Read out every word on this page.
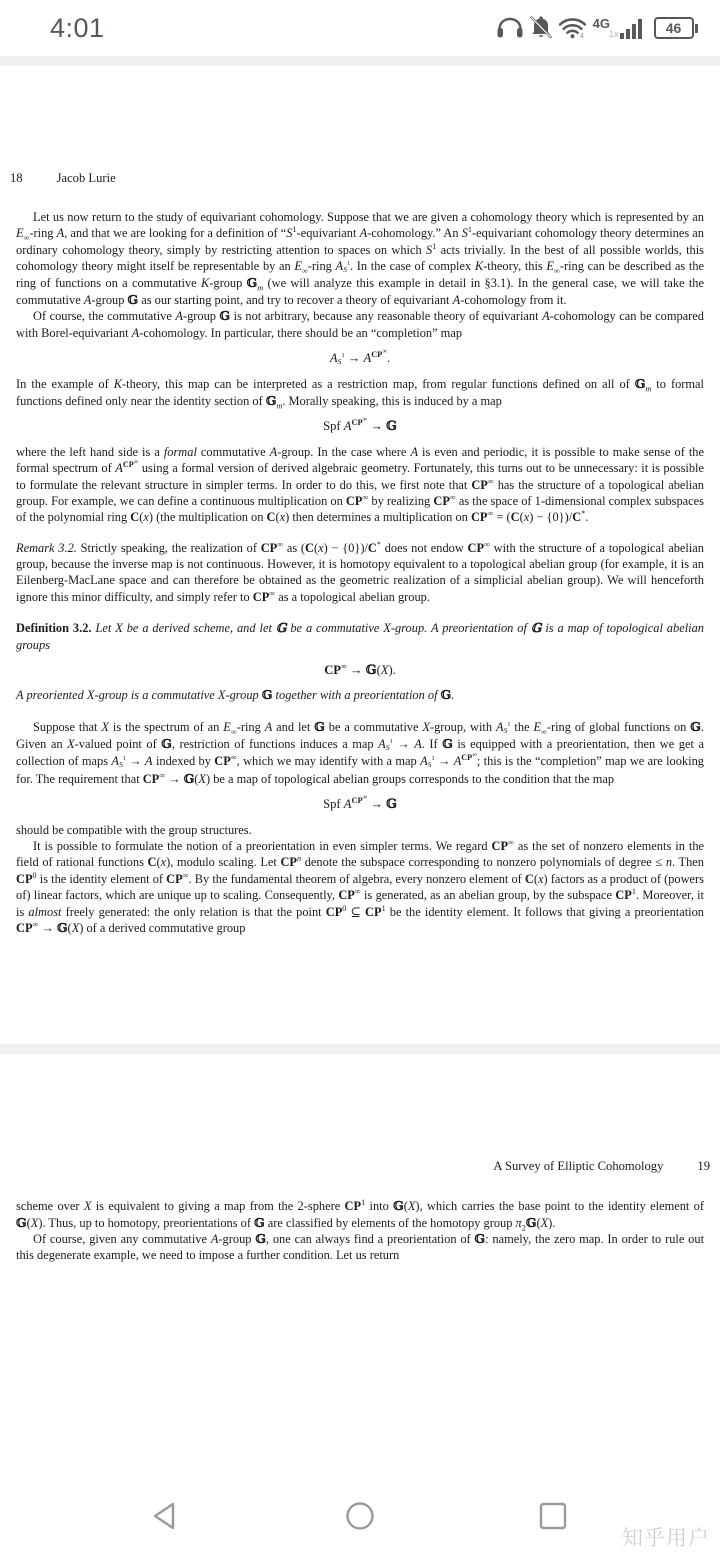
4:01	4
4G
1x	46
18	Jacob Lurie

Let us now return to the study of equivariant cohomology. Suppose that we are given a cohomology theory which is represented by an $E_\infty$-ring A, and that we are looking for a definition of “$S^1$-equivariant A-cohomology.” An $S^1$-equivariant cohomology theory determines an ordinary cohomology theory, simply by restricting attention to spaces on which $S^1$ acts trivially. In the best of all possible worlds, this cohomology theory might itself be representable by an $E_\infty$-ring $AS^1$. In the case of complex K-theory, this $E_\infty$-ring can be described as the ring of functions on a commutative K-group 𝔾$_m$ (we will analyze this example in detail in §3.1). In the general case, we will take the commutative A-group 𝔾 as our starting point, and try to recover a theory of equivariant A-cohomology from it.

Of course, the commutative A-group 𝔾 is not arbitrary, because any reasonable theory of equivariant A-cohomology can be compared with Borel-equivariant A-cohomology. In particular, there should be an “completion” map

$AS^1 \to A^{CP^\infty}$.

In the example of K-theory, this map can be interpreted as a restriction map, from regular functions defined on all of 𝔾$_m$ to formal functions defined only near the identity section of 𝔾$_m$. Morally speaking, this is induced by a map

Spf $A^{CP^\infty}$ → 𝔾

where the left hand side is a formal commutative A-group. In the case where A is even and periodic, it is possible to make sense of the formal spectrum of $A^{CP^\infty}$ using a formal version of derived algebraic geometry. Fortunately, this turns out to be unnecessary: it is possible to formulate the relevant structure in simpler terms. In order to do this, we first note that CP∞ has the structure of a topological abelian group. For example, we can define a continuous multiplication on CP∞ by realizing CP∞ as the space of 1-dimensional complex subspaces of the polynomial ring C(x) (the multiplication on C(x) then determines a multiplication on CP∞ = (C(x) − {0})/C*.

Remark 3.2. Strictly speaking, the realization of CP∞ as (C(x) − {0})/C* does not endow CP∞ with the structure of a topological abelian group, because the inverse map is not continuous. However, it is homotopy equivalent to a topological abelian group (for example, it is an Eilenberg-MacLane space and can therefore be obtained as the geometric realization of a simplicial abelian group). We will henceforth ignore this minor difficulty, and simply refer to CP∞ as a topological abelian group.

Definition 3.2. Let X be a derived scheme, and let 𝔾 be a commutative X-group. A preorientation of 𝔾 is a map of topological abelian groups

CP∞ → 𝔾(X).

A preoriented X-group is a commutative X-group 𝔾 together with a preorientation of 𝔾.

Suppose that X is the spectrum of an $E_\infty$-ring A and let 𝔾 be a commutative X-group, with $AS^1$ the $E_\infty$-ring of global functions on 𝔾. Given an X-valued point of 𝔾, restriction of functions induces a map $AS^1 \to A$. If 𝔾 is equipped with a preorientation, then we get a collection of maps $AS^1 \to A$ indexed by CP∞, which we may identify with a map $AS^1 \to A^{CP^\infty}$; this is the “completion” map we are looking for. The requirement that CP∞ → 𝔾(X) be a map of topological abelian groups corresponds to the condition that the map

Spf $A^{CP^\infty}$ → 𝔾

should be compatible with the group structures.

It is possible to formulate the notion of a preorientation in even simpler terms. We regard CP∞ as the set of nonzero elements in the field of rational functions C(x), modulo scaling. Let $CP^n$ denote the subspace corresponding to nonzero polynomials of degree ≤ n. Then $CP^0$ is the identity element of CP∞. By the fundamental theorem of algebra, every nonzero element of C(x) factors as a product of (powers of) linear factors, which are unique up to scaling. Consequently, CP∞ is generated, as an abelian group, by the subspace $CP^1$. Moreover, it is almost freely generated: the only relation is that the point $CP^0$ ⊆ $CP^1$ be the identity element. It follows that giving a preorientation CP∞ → 𝔾(X) of a derived commutative group

A Survey of Elliptic Cohomology	19

scheme over X is equivalent to giving a map from the 2-sphere $CP^1$ into 𝔾(X), which carries the base point to the identity element of 𝔾(X). Thus, up to homotopy, preorientations of 𝔾 are classified by elements of the homotopy group $\pi_2𝔾(X)$.

Of course, given any commutative A-group 𝔾, one can always find a preorientation of 𝔾: namely, the zero map. In order to rule out this degenerate example, we need to impose a further condition. Let us return

知乎用户
